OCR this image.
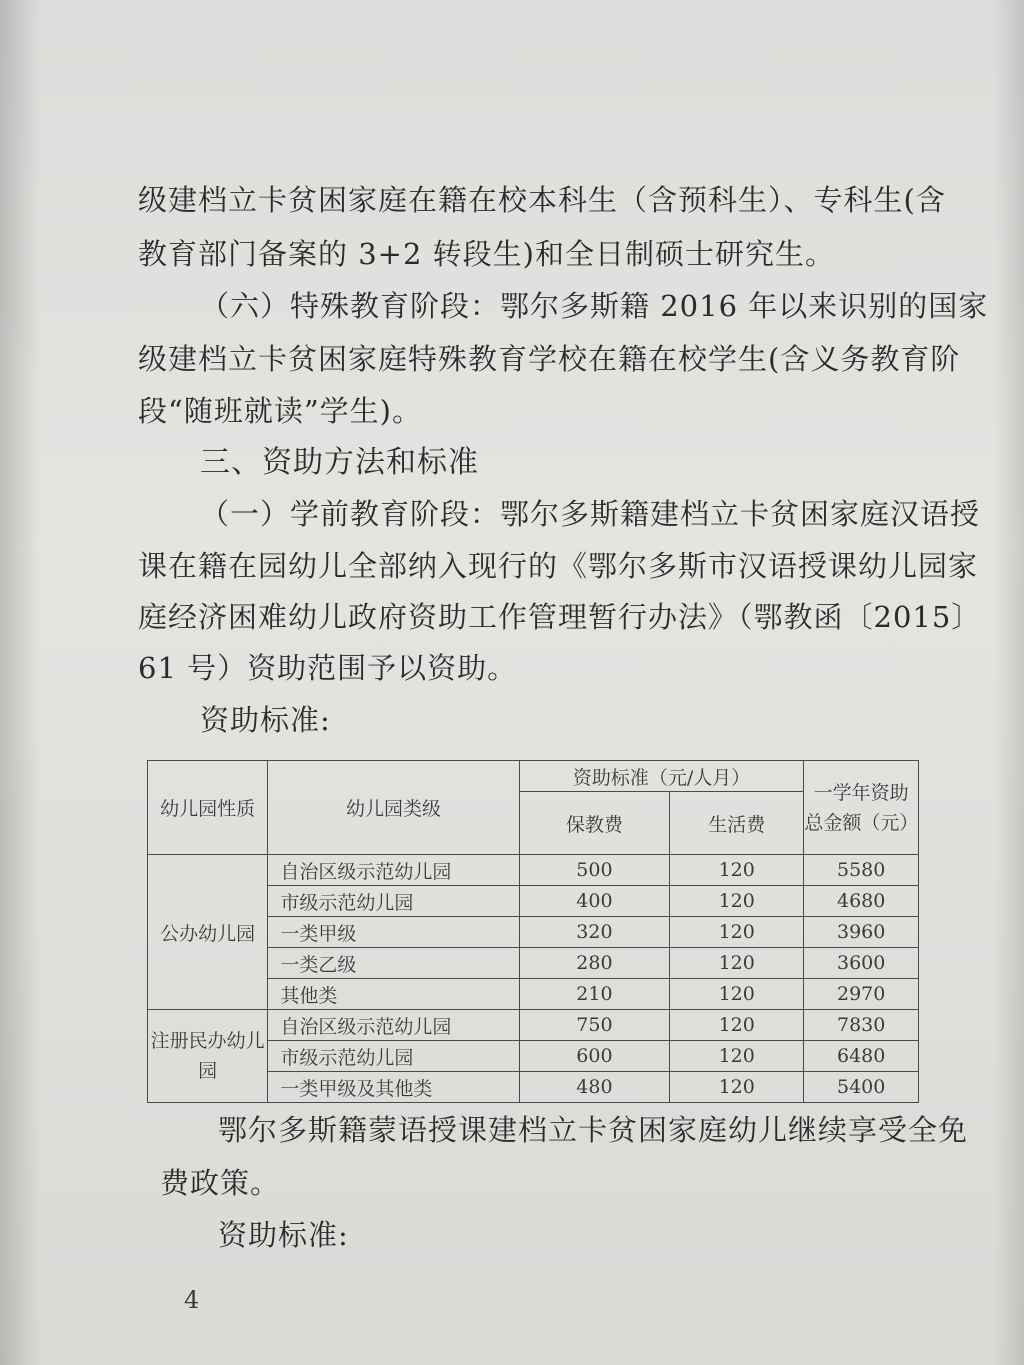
级建档立卡贫困家庭在籍在校本科生（含预科生）、专科生(含
教育部门备案的 3+2 转段生)和全日制硕士研究生。
（六）特殊教育阶段：鄂尔多斯籍 2016 年以来识别的国家
级建档立卡贫困家庭特殊教育学校在籍在校学生(含义务教育阶
段“随班就读”学生)。
三、资助方法和标准
（一）学前教育阶段：鄂尔多斯籍建档立卡贫困家庭汉语授
课在籍在园幼儿全部纳入现行的《鄂尔多斯市汉语授课幼儿园家
庭经济困难幼儿政府资助工作管理暂行办法》（鄂教函〔2015〕
61 号）资助范围予以资助。
资助标准:
幼儿园性质	幼儿园类级	资助标准（元/人月）		一学年资助总金额（元）
		保教费	生活费	
公办幼儿园	自治区级示范幼儿园	500	120	5580
	市级示范幼儿园	400	120	4680
	一类甲级	320	120	3960
	一类乙级	280	120	3600
	其他类	210	120	2970
注册民办幼儿园	自治区级示范幼儿园	750	120	7830
	市级示范幼儿园	600	120	6480
	一类甲级及其他类	480	120	5400
鄂尔多斯籍蒙语授课建档立卡贫困家庭幼儿继续享受全免
费政策。
资助标准:
4
